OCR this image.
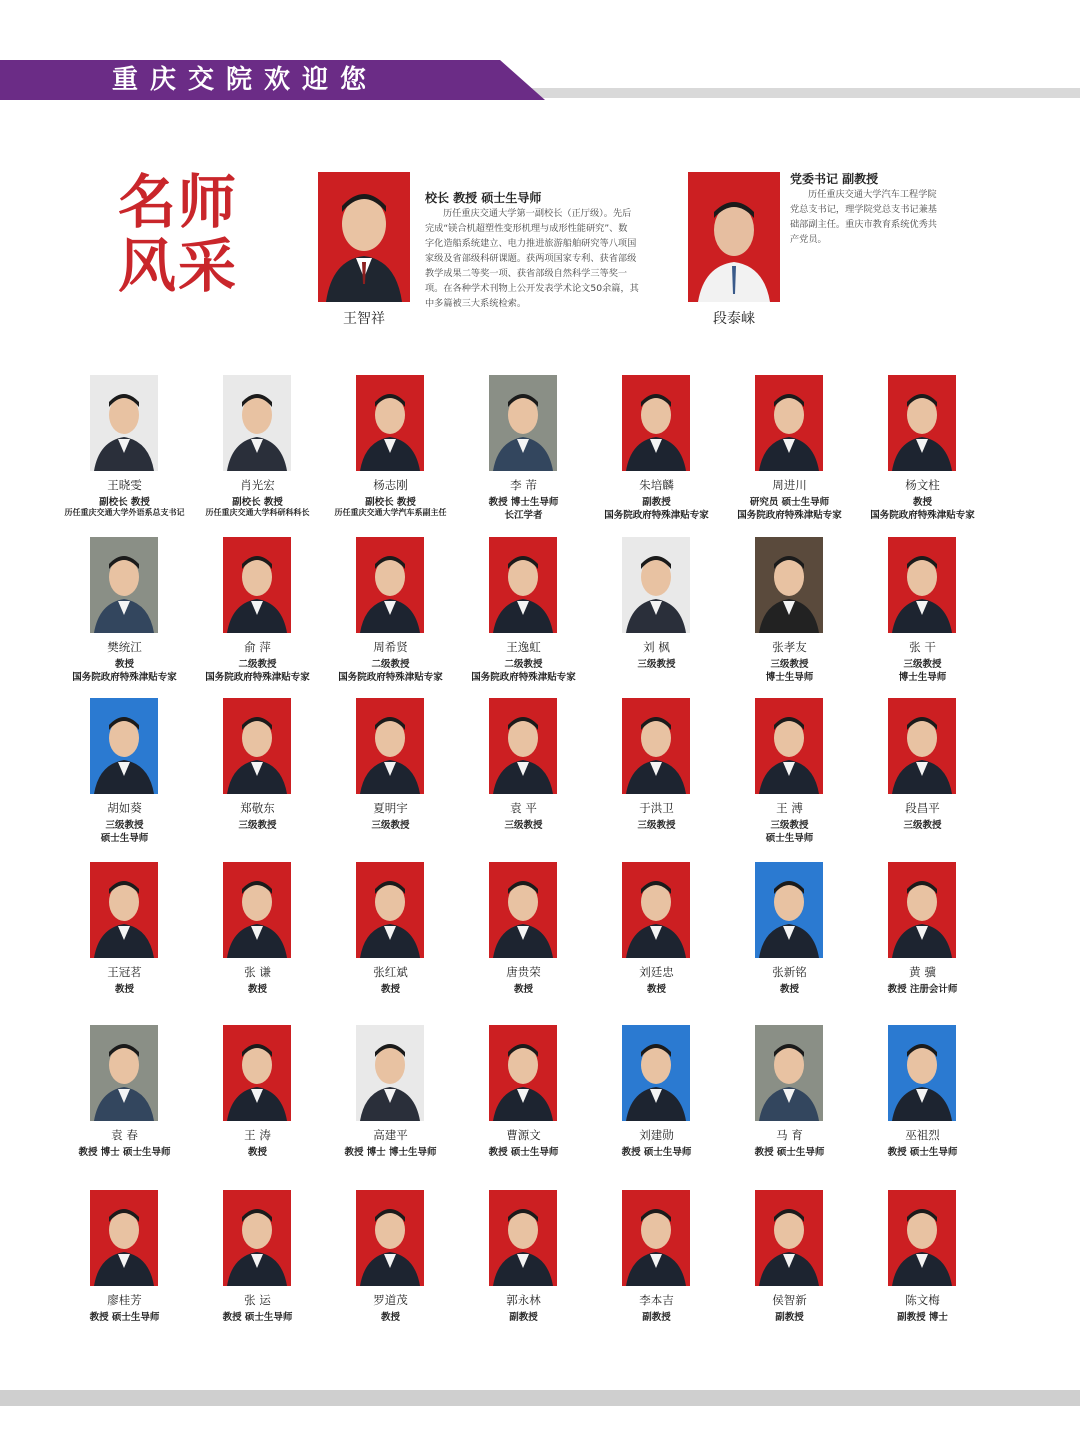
重庆交院欢迎您
名师
风采
王智祥
校长 教授 硕士生导师
历任重庆交通大学第一副校长（正厅级）。先后
完成“镁合机超塑性变形机理与成形性能研究”、数
字化造船系统建立、电力推进旅游船舶研究等八项国
家级及省部级科研课题。获两项国家专利、获省部级
教学成果二等奖一项、获省部级自然科学三等奖一
项。在各种学术刊物上公开发表学术论文50余篇，其
中多篇被三大系统检索。
段泰崃
党委书记 副教授
历任重庆交通大学汽车工程学院
党总支书记，理学院党总支书记兼基
础部副主任。重庆市教育系统优秀共
产党员。
王晓雯
副校长 教授
历任重庆交通大学外语系总支书记
肖光宏
副校长 教授
历任重庆交通大学科研科科长
杨志刚
副校长 教授
历任重庆交通大学汽车系副主任
李 芾
教授 博士生导师
长江学者
朱培麟
副教授
国务院政府特殊津贴专家
周进川
研究员 硕士生导师
国务院政府特殊津贴专家
杨文柱
教授
国务院政府特殊津贴专家
樊统江
教授
国务院政府特殊津贴专家
俞 萍
二级教授
国务院政府特殊津贴专家
周希贤
二级教授
国务院政府特殊津贴专家
王逸虹
二级教授
国务院政府特殊津贴专家
刘 枫
三级教授
张孝友
三级教授
博士生导师
张 干
三级教授
博士生导师
胡如葵
三级教授
硕士生导师
郑敬东
三级教授
夏明宇
三级教授
袁 平
三级教授
于洪卫
三级教授
王 溥
三级教授
硕士生导师
段昌平
三级教授
王冠茗
教授
张 谦
教授
张红斌
教授
唐贵荣
教授
刘廷忠
教授
张新铭
教授
黄 骥
教授 注册会计师
袁 春
教授 博士 硕士生导师
王 涛
教授
高建平
教授 博士 博士生导师
曹源文
教授 硕士生导师
刘建勋
教授 硕士生导师
马 育
教授 硕士生导师
巫祖烈
教授 硕士生导师
廖桂芳
教授 硕士生导师
张 运
教授 硕士生导师
罗道茂
教授
郭永林
副教授
李本吉
副教授
侯智新
副教授
陈文梅
副教授 博士
